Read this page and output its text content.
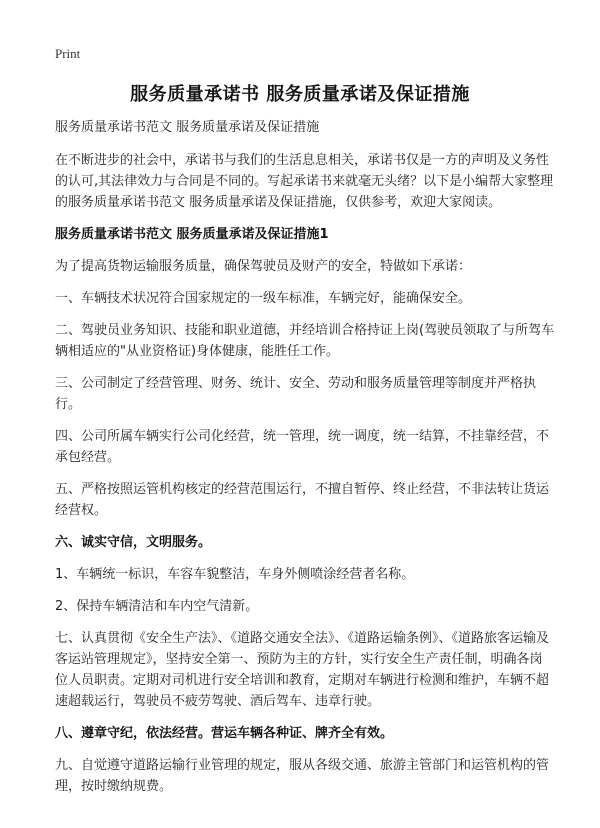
Print
服务质量承诺书 服务质量承诺及保证措施

服务质量承诺书范文 服务质量承诺及保证措施

在不断进步的社会中，承诺书与我们的生活息息相关，承诺书仅是一方的声明及义务性的认可,其法律效力与合同是不同的。写起承诺书来就毫无头绪？以下是小编帮大家整理的服务质量承诺书范文 服务质量承诺及保证措施，仅供参考，欢迎大家阅读。

服务质量承诺书范文 服务质量承诺及保证措施1

为了提高货物运输服务质量，确保驾驶员及财产的安全，特做如下承诺：

一、车辆技术状况符合国家规定的一级车标准，车辆完好，能确保安全。

二、驾驶员业务知识、技能和职业道德，并经培训合格持证上岗(驾驶员领取了与所驾车辆相适应的"从业资格证)身体健康，能胜任工作。

三、公司制定了经营管理、财务、统计、安全、劳动和服务质量管理等制度并严格执行。

四、公司所属车辆实行公司化经营，统一管理，统一调度，统一结算，不挂靠经营，不承包经营。

五、严格按照运管机构核定的经营范围运行，不擅自暂停、终止经营，不非法转让货运经营权。

六、诚实守信，文明服务。

1、车辆统一标识，车容车貌整洁，车身外侧喷涂经营者名称。

2、保持车辆清洁和车内空气清新。

七、认真贯彻《安全生产法》、《道路交通安全法》、《道路运输条例》、《道路旅客运输及客运站管理规定》，坚持安全第一、预防为主的方针，实行安全生产责任制，明确各岗位人员职责。定期对司机进行安全培训和教育，定期对车辆进行检测和维护，车辆不超速超载运行，驾驶员不疲劳驾驶、酒后驾车、违章行驶。

八、遵章守纪，依法经营。营运车辆各种证、牌齐全有效。

九、自觉遵守道路运输行业管理的规定，服从各级交通、旅游主管部门和运管机构的管理，按时缴纳规费。
